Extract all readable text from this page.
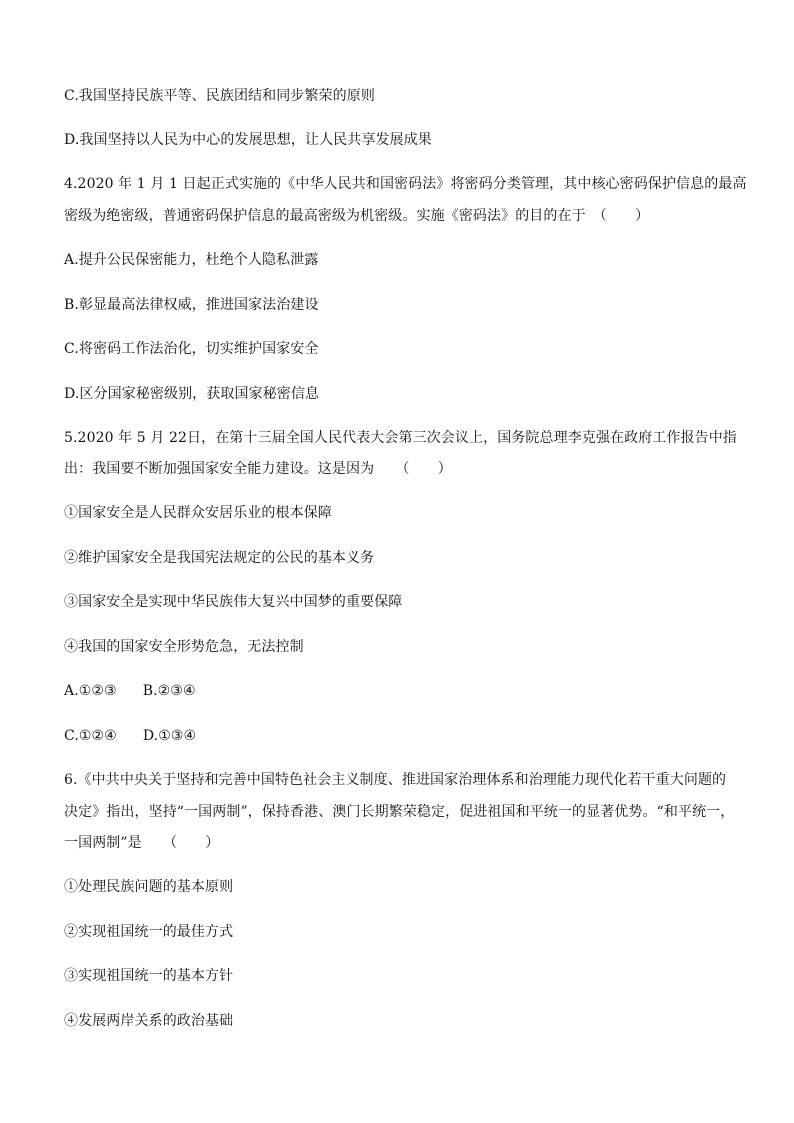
C.我国坚持民族平等、民族团结和同步繁荣的原则
D.我国坚持以人民为中心的发展思想，让人民共享发展成果
4.2020 年 1 月 1 日起正式实施的《中华人民共和国密码法》将密码分类管理，其中核心密码保护信息的最高
密级为绝密级，普通密码保护信息的最高密级为机密级。实施《密码法》的目的在于　（　　）
A.提升公民保密能力，杜绝个人隐私泄露
B.彰显最高法律权威，推进国家法治建设
C.将密码工作法治化，切实维护国家安全
D.区分国家秘密级别，获取国家秘密信息
5.2020 年 5 月 22日，在第十三届全国人民代表大会第三次会议上，国务院总理李克强在政府工作报告中指
出：我国要不断加强国家安全能力建设。这是因为　　（　　）
①国家安全是人民群众安居乐业的根本保障
②维护国家安全是我国宪法规定的公民的基本义务
③国家安全是实现中华民族伟大复兴中国梦的重要保障
④我国的国家安全形势危急，无法控制
A.①②③ B.②③④
C.①②④ D.①③④
6.《中共中央关于坚持和完善中国特色社会主义制度、推进国家治理体系和治理能力现代化若干重大问题的
决定》指出，坚持“一国两制”，保持香港、澳门长期繁荣稳定，促进祖国和平统一的显著优势。“和平统一，
一国两制”是　　（　　）
①处理民族问题的基本原则
②实现祖国统一的最佳方式
③实现祖国统一的基本方针
④发展两岸关系的政治基础
